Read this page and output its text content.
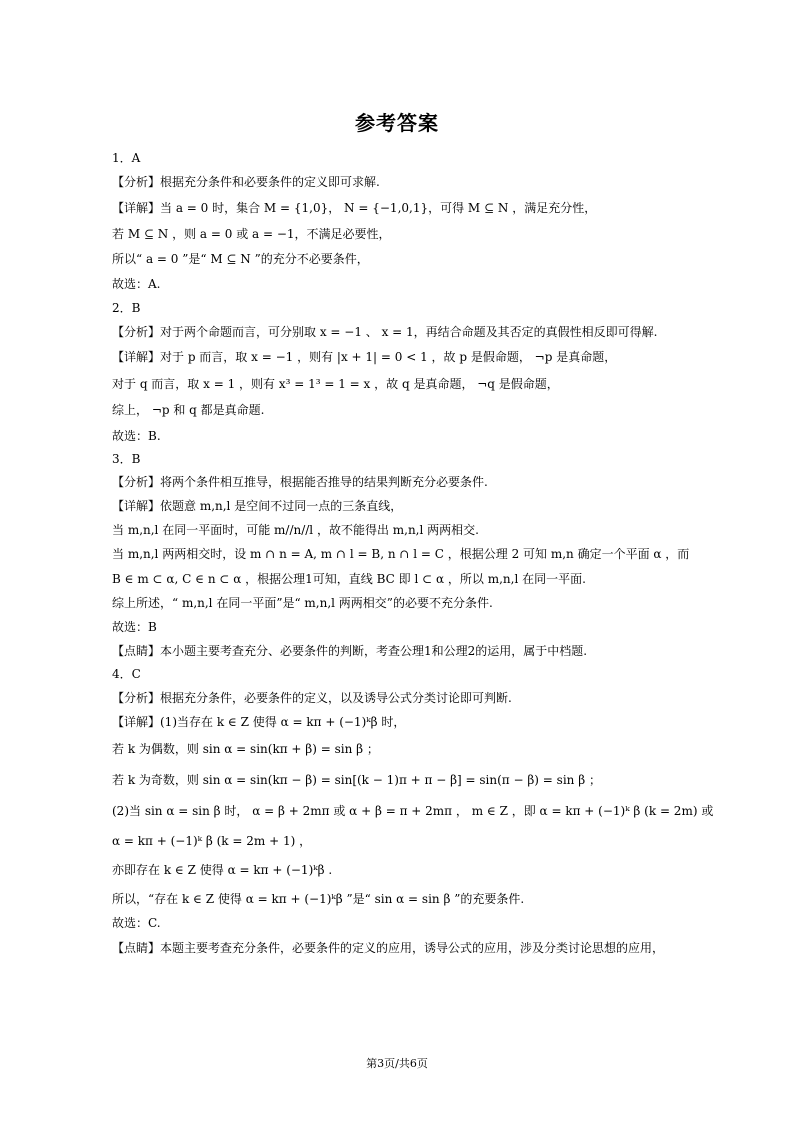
参考答案
1．A
【分析】根据充分条件和必要条件的定义即可求解.
【详解】当 a = 0 时，集合 M = {1,0}， N = {−1,0,1}，可得 M ⊆ N ，满足充分性，
若 M ⊆ N ，则 a = 0 或 a = −1，不满足必要性，
所以“ a = 0 ”是“ M ⊆ N ”的充分不必要条件，
故选：A.
2．B
【分析】对于两个命题而言，可分别取 x = −1 、 x = 1，再结合命题及其否定的真假性相反即可得解.
【详解】对于 p 而言，取 x = −1 ，则有 |x + 1| = 0 < 1 ，故 p 是假命题， ¬p 是真命题，
对于 q 而言，取 x = 1 ，则有 x³ = 1³ = 1 = x ，故 q 是真命题， ¬q 是假命题，
综上， ¬p 和 q 都是真命题.
故选：B.
3．B
【分析】将两个条件相互推导，根据能否推导的结果判断充分必要条件.
【详解】依题意 m,n,l 是空间不过同一点的三条直线，
当 m,n,l 在同一平面时，可能 m//n//l ，故不能得出 m,n,l 两两相交.
当 m,n,l 两两相交时，设 m ∩ n = A, m ∩ l = B, n ∩ l = C ，根据公理 2 可知 m,n 确定一个平面 α ，而
B ∈ m ⊂ α, C ∈ n ⊂ α ，根据公理1可知，直线 BC 即 l ⊂ α ，所以 m,n,l 在同一平面.
综上所述，“ m,n,l 在同一平面”是“ m,n,l 两两相交”的必要不充分条件.
故选：B
【点睛】本小题主要考查充分、必要条件的判断，考查公理1和公理2的运用，属于中档题.
4．C
【分析】根据充分条件，必要条件的定义，以及诱导公式分类讨论即可判断.
【详解】(1)当存在 k ∈ Z 使得 α = kπ + (−1)ᵏβ 时，
若 k 为偶数，则 sin α = sin(kπ + β) = sin β ；
若 k 为奇数，则 sin α = sin(kπ − β) = sin[(k − 1)π + π − β] = sin(π − β) = sin β ；
(2)当 sin α = sin β 时， α = β + 2mπ 或 α + β = π + 2mπ ， m ∈ Z ，即 α = kπ + (−1)ᵏ β (k = 2m) 或
α = kπ + (−1)ᵏ β (k = 2m + 1) ，
亦即存在 k ∈ Z 使得 α = kπ + (−1)ᵏβ .
所以，“存在 k ∈ Z 使得 α = kπ + (−1)ᵏβ ”是“ sin α = sin β ”的充要条件.
故选：C.
【点睛】本题主要考查充分条件，必要条件的定义的应用，诱导公式的应用，涉及分类讨论思想的应用，
第3页/共6页
